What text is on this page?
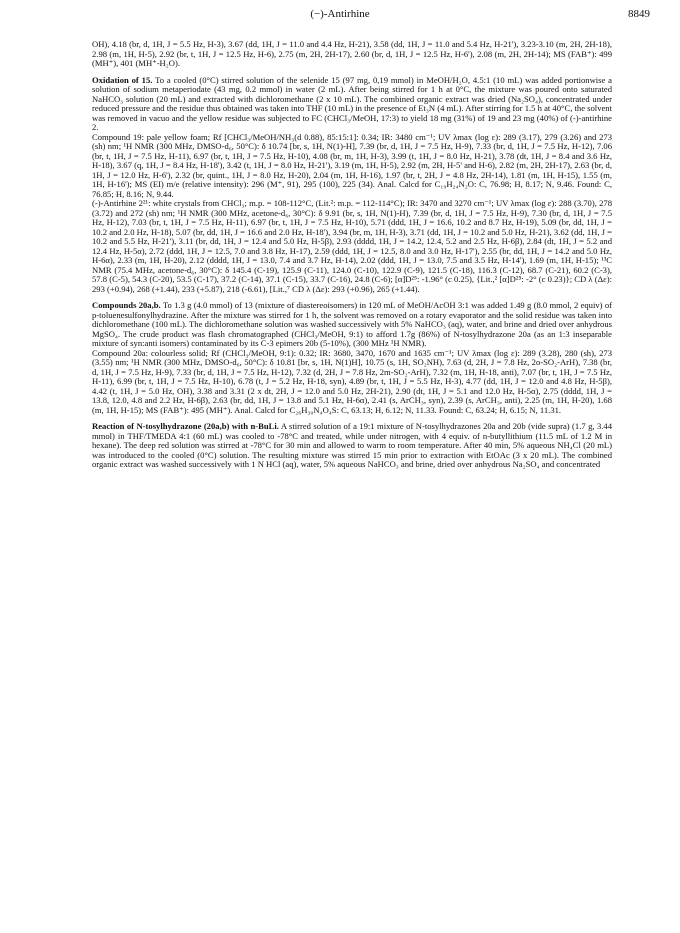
(−)-Antirhine	8849

OH), 4.18 (br, d, 1H, J = 5.5 Hz, H-3), 3.67 (dd, 1H, J = 11.0 and 4.4 Hz, H-21), 3.58 (dd, 1H, J = 11.0 and 5.4 Hz, H-21'), 3.23-3.10 (m, 2H, 2H-18), 2.98 (m, 1H, H-5), 2.92 (br, t, 1H, J = 12.5 Hz, H-6), 2.75 (m, 2H, 2H-17), 2.60 (br, d, 1H, J = 12.5 Hz, H-6'), 2.08 (m, 2H, 2H-14); MS (FAB⁺): 499 (MH⁺), 401 (MH⁺-H₂O).

Oxidation of 15. To a cooled (0°C) stirred solution of the selenide 15 (97 mg, 0,19 mmol) in MeOH/H₂O, 4.5:1 (10 mL) was added portionwise a solution of sodium metaperiodate (43 mg, 0.2 mmol) in water (2 mL). After being stirred for 1 h at 0°C, the mixture was poured onto saturated NaHCO₃ solution (20 mL) and extracted with dichloromethane (2 x 10 mL). The combined organic extract was dried (Na₂SO₄), concentrated under reduced pressure and the residue thus obtained was taken into THF (10 mL) in the presence of Et₃N (4 mL). After stirring for 1.5 h at 40°C, the solvent was removed in vacuo and the yellow residue was subjected to FC (CHCl₃/MeOH, 17:3) to yield 18 mg (31%) of 19 and 23 mg (40%) of (-)-antirhine 2.

Compound 19: pale yellow foam; Rf [CHCl₃/MeOH/NH₃(d 0.88), 85:15:1]: 0.34; IR: 3480 cm⁻¹; UV λmax (log ε): 289 (3.17), 279 (3.26) and 273 (sh) nm; ¹H NMR (300 MHz, DMSO-d₆, 50°C): δ 10.74 [br, s, 1H, N(1)-H], 7.39 (br, d, 1H, J = 7.5 Hz, H-9), 7.33 (br, d, 1H, J = 7.5 Hz, H-12), 7.06 (br, t, 1H, J = 7.5 Hz, H-11), 6.97 (br, t, 1H, J = 7.5 Hz, H-10), 4.08 (br, m, 1H, H-3), 3.99 (t, 1H, J = 8.0 Hz, H-21), 3.78 (dt, 1H, J = 8.4 and 3.6 Hz, H-18), 3.67 (q, 1H, J = 8.4 Hz, H-18'), 3.42 (t, 1H, J = 8.0 Hz, H-21'), 3.19 (m, 1H, H-5), 2.92 (m, 2H, H-5' and H-6), 2.82 (m, 2H, 2H-17), 2.63 (br, d, 1H, J = 12.0 Hz, H-6'), 2.32 (br, quint., 1H, J = 8.0 Hz, H-20), 2.04 (m, 1H, H-16), 1.97 (br, t, 2H, J = 4.8 Hz, 2H-14), 1.81 (m, 1H, H-15), 1.55 (m, 1H, H-16'); MS (EI) m/e (relative intensity): 296 (M⁺, 91), 295 (100), 225 (34). Anal. Calcd for C₁₉H₂₄N₂O: C, 76.98; H, 8.17; N, 9.46. Found: C, 76.85; H, 8.16; N, 9.44.

(-)-Antirhine 2²¹: white crystals from CHCl₃; m.p. = 108-112°C, (Lit.²: m.p. = 112-114°C); IR: 3470 and 3270 cm⁻¹; UV λmax (log ε): 288 (3.70), 278 (3.72) and 272 (sh) nm; ¹H NMR (300 MHz, acetone-d₆, 30°C): δ 9.91 (br, s, 1H, N(1)-H), 7.39 (br, d, 1H, J = 7.5 Hz, H-9), 7.30 (br, d, 1H, J = 7.5 Hz, H-12), 7.03 (br, t, 1H, J = 7.5 Hz, H-11), 6.97 (br, t, 1H, J = 7.5 Hz, H-10), 5.71 (ddd, 1H, J = 16.6, 10.2 and 8.7 Hz, H-19), 5.09 (br, dd, 1H, J = 10.2 and 2.0 Hz, H-18), 5.07 (br, dd, 1H, J = 16.6 and 2.0 Hz, H-18'), 3.94 (br, m, 1H, H-3), 3.71 (dd, 1H, J = 10.2 and 5.0 Hz, H-21), 3.62 (dd, 1H, J = 10.2 and 5.5 Hz, H-21'), 3.11 (br, dd, 1H, J = 12.4 and 5.0 Hz, H-5β), 2.93 (dddd, 1H, J = 14.2, 12.4, 5.2 and 2.5 Hz, H-6β), 2.84 (dt, 1H, J = 5.2 and 12.4 Hz, H-5α), 2.72 (ddd, 1H, J = 12.5, 7.0 and 3.8 Hz, H-17), 2.59 (ddd, 1H, J = 12.5, 8.0 and 3.0 Hz, H-17'), 2.55 (br, dd, 1H, J = 14.2 and 5.0 Hz, H-6α), 2.33 (m, 1H, H-20), 2.12 (dddd, 1H, J = 13.0, 7.4 and 3.7 Hz, H-14), 2.02 (ddd, 1H, J = 13.0, 7.5 and 3.5 Hz, H-14'), 1.69 (m, 1H, H-15); ¹³C NMR (75.4 MHz, acetone-d₆, 30°C): δ 145.4 (C-19), 125.9 (C-11), 124.0 (C-10), 122.9 (C-9), 121.5 (C-18), 116.3 (C-12), 68.7 (C-21), 60.2 (C-3), 57.8 (C-5), 54.3 (C-20), 53.5 (C-17), 37.2 (C-14), 37.1 (C-15), 33.7 (C-16), 24.8 (C-6); [α]D²⁵: -1.96° (c 0.25), {Lit.,² [α]D²⁵: -2° (c 0.23)}; CD λ (Δε): 293 (+0.94), 268 (+1.44), 233 (+5.87), 218 (-6.61), [Lit.,⁷ CD λ (Δε): 293 (+0.96), 265 (+1.44).

Compounds 20a,b. To 1.3 g (4.0 mmol) of 13 (mixture of diastereoisomers) in 120 mL of MeOH/AcOH 3:1 was added 1.49 g (8.0 mmol, 2 equiv) of p-toluenesulfonylhydrazine. After the mixture was stirred for 1 h, the solvent was removed on a rotary evaporator and the solid residue was taken into dichloromethane (100 mL). The dichloromethane solution was washed successively with 5% NaHCO₃ (aq), water, and brine and dried over anhydrous MgSO₄. The crude product was flash chromatographed (CHCl₃/MeOH, 9:1) to afford 1.7g (86%) of N-tosylhydrazone 20a (as an 1:3 inseparable mixture of syn:anti isomers) contaminated by its C-3 epimers 20b (5-10%), (300 MHz ¹H NMR).

Compound 20a: colourless solid; Rf (CHCl₃/MeOH, 9:1): 0.32; IR: 3680, 3470, 1670 and 1635 cm⁻¹; UV λmax (log ε): 289 (3.28), 280 (sh), 273 (3.55) nm; ¹H NMR (300 MHz, DMSO-d₆, 50°C): δ 10.81 [br, s, 1H, N(1)H], 10.75 (s, 1H, SO₂NH), 7.63 (d, 2H, J = 7.8 Hz, 2o-SO₂-ArH), 7.38 (br, d, 1H, J = 7.5 Hz, H-9), 7.33 (br, d, 1H, J = 7.5 Hz, H-12), 7.32 (d, 2H, J = 7.8 Hz, 2m-SO₂-ArH), 7.32 (m, 1H, H-18, anti), 7.07 (br, t, 1H, J = 7.5 Hz, H-11), 6.99 (br, t, 1H, J = 7.5 Hz, H-10), 6.78 (t, J = 5.2 Hz, H-18, syn), 4.89 (br, t, 1H, J = 5.5 Hz, H-3), 4.77 (dd, 1H, J = 12.0 and 4.8 Hz, H-5β), 4.42 (t, 1H, J = 5.0 Hz, OH), 3.38 and 3.31 (2 x dt, 2H, J = 12.0 and 5.0 Hz, 2H-21), 2.90 (dt, 1H, J = 5.1 and 12.0 Hz, H-5α), 2.75 (dddd, 1H, J = 13.8, 12.0, 4.8 and 2.2 Hz, H-6β), 2.63 (br, dd, 1H, J = 13.8 and 5.1 Hz, H-6α), 2.41 (s, ArCH₃, syn), 2.39 (s, ArCH₃, anti), 2.25 (m, 1H, H-20), 1.68 (m, 1H, H-15); MS (FAB⁺): 495 (MH⁺). Anal. Calcd for C₂₆H₃₀N₄O₄S: C, 63.13; H, 6.12; N, 11.33. Found: C, 63.24; H, 6.15; N, 11.31.

Reaction of N-tosylhydrazone (20a,b) with n-BuLi. A stirred solution of a 19:1 mixture of N-tosylhydrazones 20a and 20b (vide supra) (1.7 g, 3.44 mmol) in THF/TMEDA 4:1 (60 mL) was cooled to -78°C and treated, while under nitrogen, with 4 equiv. of n-butyllithium (11.5 mL of 1.2 M in hexane). The deep red solution was stirred at -78°C for 30 min and allowed to warm to room temperature. After 40 min, 5% aqueous NH₄Cl (20 mL) was introduced to the cooled (0°C) solution. The resulting mixture was stirred 15 min prior to extraction with EtOAc (3 x 20 mL). The combined organic extract was washed successively with 1 N HCl (aq), water, 5% aqueous NaHCO₃ and brine, dried over anhydrous Na₂SO₄ and concentrated
